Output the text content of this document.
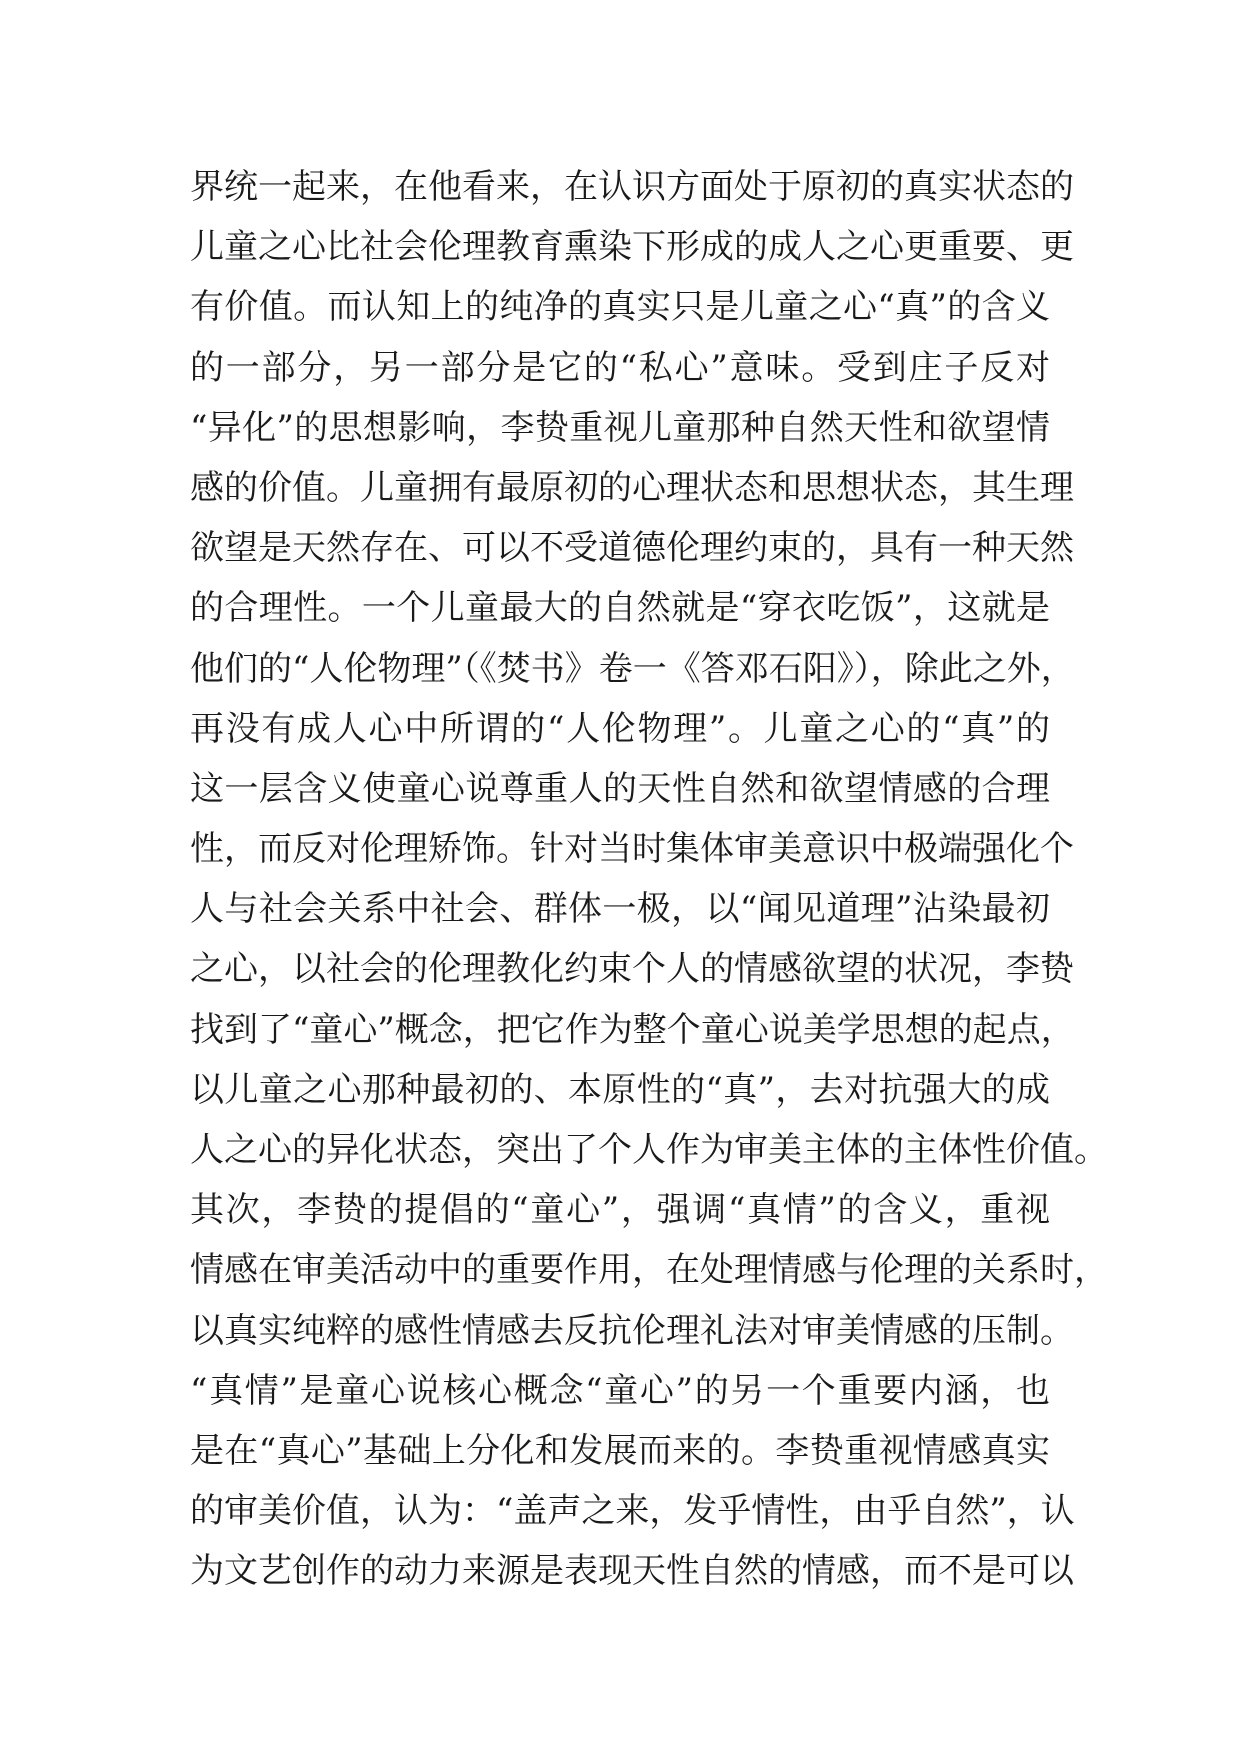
界统一起来，在他看来，在认识方面处于原初的真实状态的
儿童之心比社会伦理教育熏染下形成的成人之心更重要、更
有价值。而认知上的纯净的真实只是儿童之心“真”的含义
的一部分，另一部分是它的“私心”意味。受到庄子反对
“异化”的思想影响，李贽重视儿童那种自然天性和欲望情
感的价值。儿童拥有最原初的心理状态和思想状态，其生理
欲望是天然存在、可以不受道德伦理约束的，具有一种天然
的合理性。一个儿童最大的自然就是“穿衣吃饭”，这就是
他们的“人伦物理”（《焚书》卷一《答邓石阳》），除此之外，
再没有成人心中所谓的“人伦物理”。儿童之心的“真”的
这一层含义使童心说尊重人的天性自然和欲望情感的合理
性，而反对伦理矫饰。针对当时集体审美意识中极端强化个
人与社会关系中社会、群体一极，以“闻见道理”沾染最初
之心，以社会的伦理教化约束个人的情感欲望的状况，李贽
找到了“童心”概念，把它作为整个童心说美学思想的起点，
以儿童之心那种最初的、本原性的“真”，去对抗强大的成
人之心的异化状态，突出了个人作为审美主体的主体性价值。
其次，李贽的提倡的“童心”，强调“真情”的含义，重视
情感在审美活动中的重要作用，在处理情感与伦理的关系时，
以真实纯粹的感性情感去反抗伦理礼法对审美情感的压制。
“真情”是童心说核心概念“童心”的另一个重要内涵，也
是在“真心”基础上分化和发展而来的。李贽重视情感真实
的审美价值，认为：“盖声之来，发乎情性，由乎自然”，认
为文艺创作的动力来源是表现天性自然的情感，而不是可以
